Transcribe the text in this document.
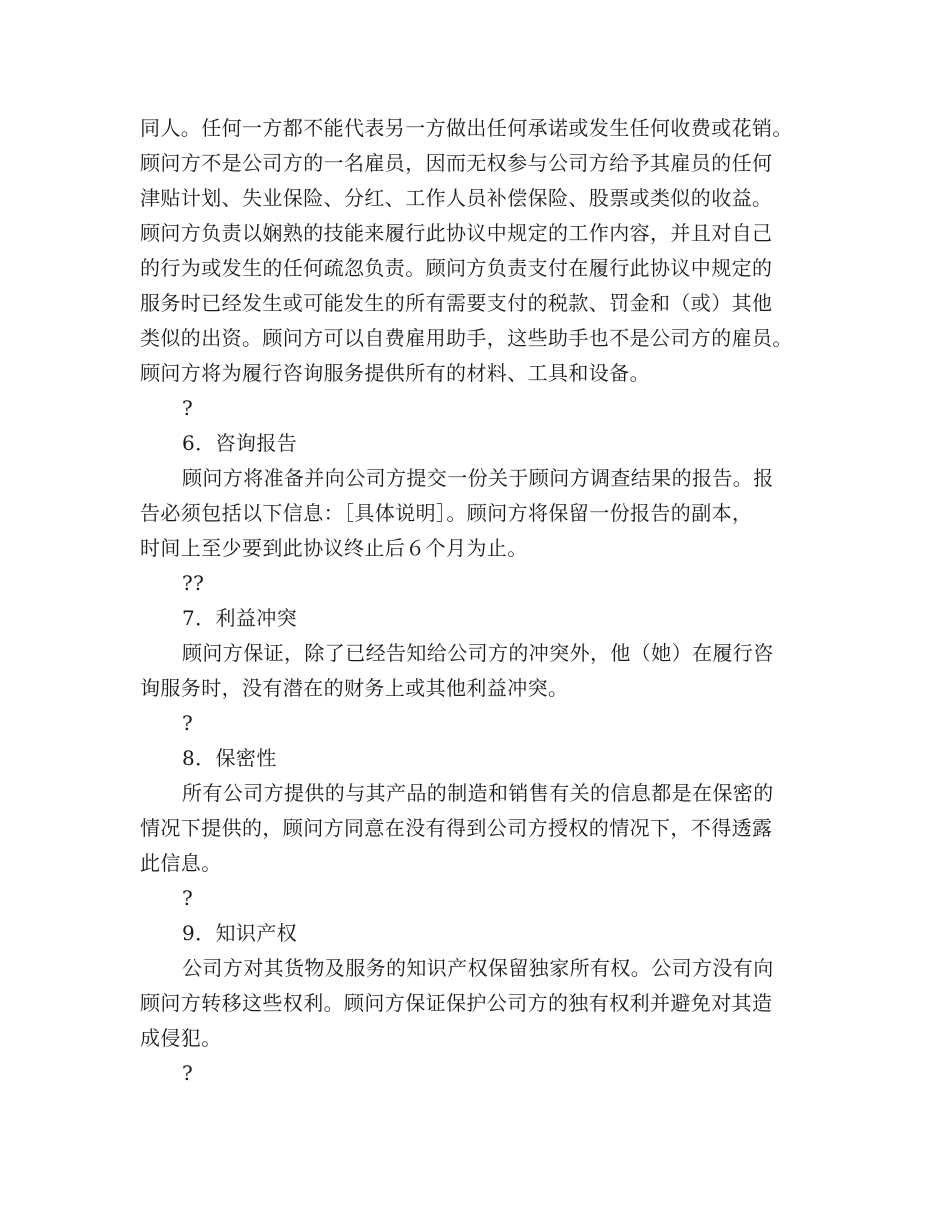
同人。任何一方都不能代表另一方做出任何承诺或发生任何收费或花销。
顾问方不是公司方的一名雇员，因而无权参与公司方给予其雇员的任何
津贴计划、失业保险、分红、工作人员补偿保险、股票或类似的收益。
顾问方负责以娴熟的技能来履行此协议中规定的工作内容，并且对自己
的行为或发生的任何疏忽负责。顾问方负责支付在履行此协议中规定的
服务时已经发生或可能发生的所有需要支付的税款、罚金和（或）其他
类似的出资。顾问方可以自费雇用助手，这些助手也不是公司方的雇员。
顾问方将为履行咨询服务提供所有的材料、工具和设备。
?
6．咨询报告
顾问方将准备并向公司方提交一份关于顾问方调查结果的报告。报
告必须包括以下信息：［具体说明］。顾问方将保留一份报告的副本，
时间上至少要到此协议终止后６个月为止。
??
7．利益冲突
顾问方保证，除了已经告知给公司方的冲突外，他（她）在履行咨
询服务时，没有潜在的财务上或其他利益冲突。
?
8．保密性
所有公司方提供的与其产品的制造和销售有关的信息都是在保密的
情况下提供的，顾问方同意在没有得到公司方授权的情况下，不得透露
此信息。
?
9．知识产权
公司方对其货物及服务的知识产权保留独家所有权。公司方没有向
顾问方转移这些权利。顾问方保证保护公司方的独有权利并避免对其造
成侵犯。
?
